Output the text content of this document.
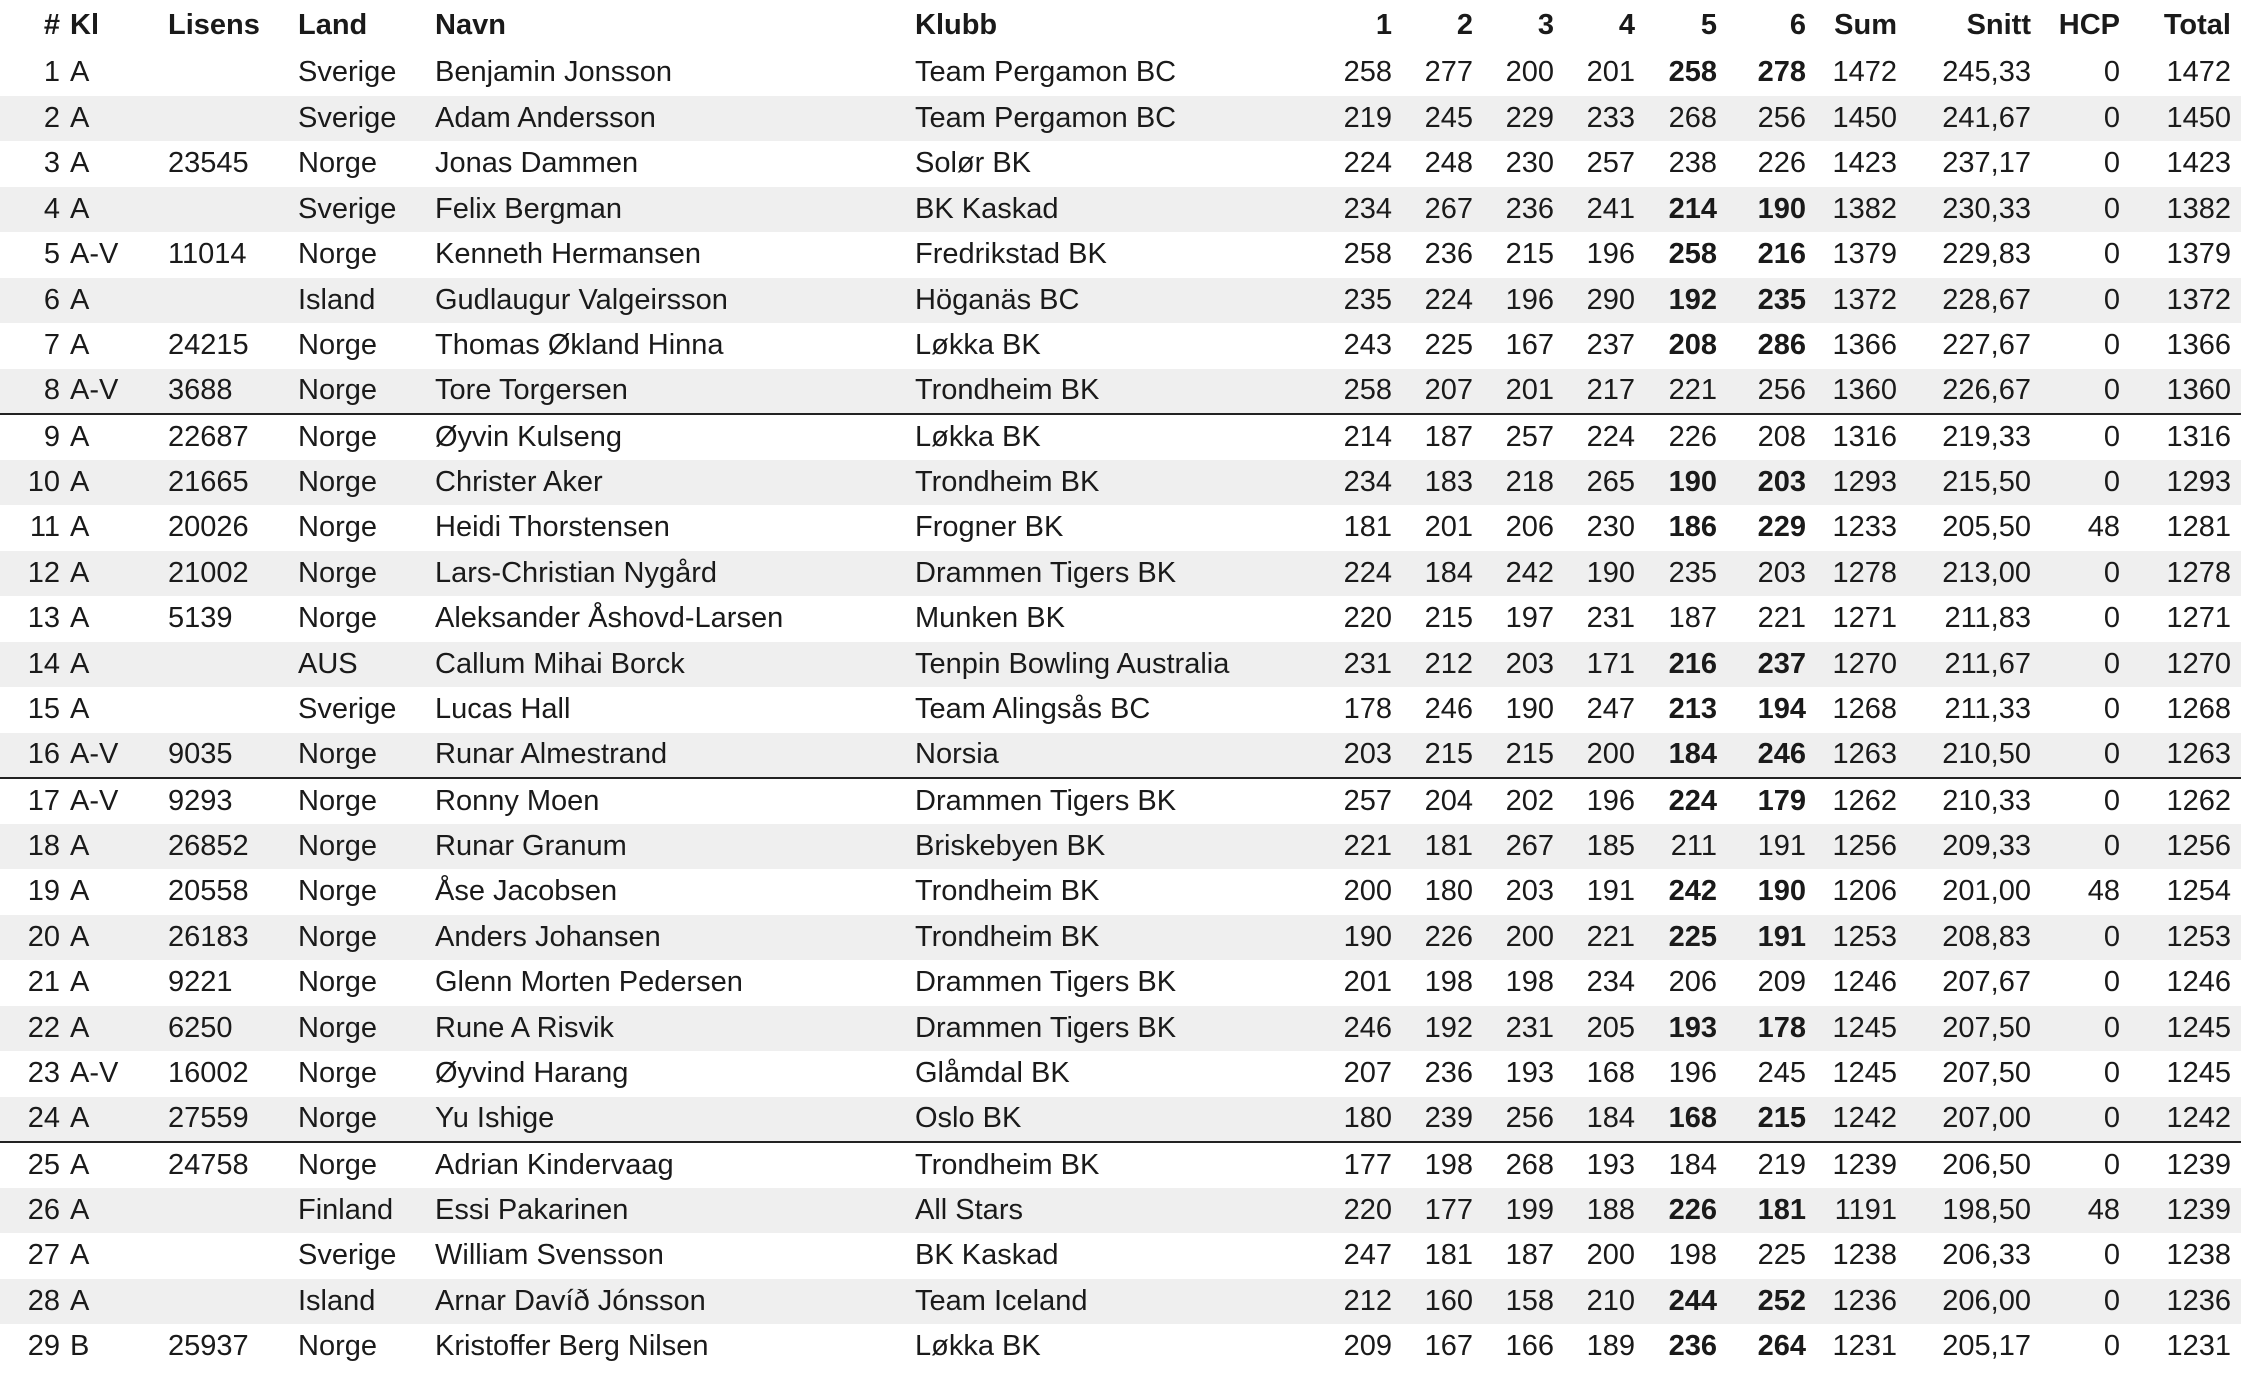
#	Kl	Lisens	Land	Navn	Klubb	1	2	3	4	5	6	Sum	Snitt	HCP	Total
1	A		Sverige	Benjamin Jonsson	Team Pergamon BC	258	277	200	201	258	278	1472	245,33	0	1472
2	A		Sverige	Adam Andersson	Team Pergamon BC	219	245	229	233	268	256	1450	241,67	0	1450
3	A	23545	Norge	Jonas Dammen	Solør BK	224	248	230	257	238	226	1423	237,17	0	1423
4	A		Sverige	Felix Bergman	BK Kaskad	234	267	236	241	214	190	1382	230,33	0	1382
5	A-V	11014	Norge	Kenneth Hermansen	Fredrikstad BK	258	236	215	196	258	216	1379	229,83	0	1379
6	A		Island	Gudlaugur Valgeirsson	Höganäs BC	235	224	196	290	192	235	1372	228,67	0	1372
7	A	24215	Norge	Thomas Økland Hinna	Løkka BK	243	225	167	237	208	286	1366	227,67	0	1366
8	A-V	3688	Norge	Tore Torgersen	Trondheim BK	258	207	201	217	221	256	1360	226,67	0	1360
9	A	22687	Norge	Øyvin Kulseng	Løkka BK	214	187	257	224	226	208	1316	219,33	0	1316
10	A	21665	Norge	Christer Aker	Trondheim BK	234	183	218	265	190	203	1293	215,50	0	1293
11	A	20026	Norge	Heidi Thorstensen	Frogner BK	181	201	206	230	186	229	1233	205,50	48	1281
12	A	21002	Norge	Lars-Christian Nygård	Drammen Tigers BK	224	184	242	190	235	203	1278	213,00	0	1278
13	A	5139	Norge	Aleksander Åshovd-Larsen	Munken BK	220	215	197	231	187	221	1271	211,83	0	1271
14	A		AUS	Callum Mihai Borck	Tenpin Bowling Australia	231	212	203	171	216	237	1270	211,67	0	1270
15	A		Sverige	Lucas Hall	Team Alingsås BC	178	246	190	247	213	194	1268	211,33	0	1268
16	A-V	9035	Norge	Runar Almestrand	Norsia	203	215	215	200	184	246	1263	210,50	0	1263
17	A-V	9293	Norge	Ronny Moen	Drammen Tigers BK	257	204	202	196	224	179	1262	210,33	0	1262
18	A	26852	Norge	Runar Granum	Briskebyen BK	221	181	267	185	211	191	1256	209,33	0	1256
19	A	20558	Norge	Åse Jacobsen	Trondheim BK	200	180	203	191	242	190	1206	201,00	48	1254
20	A	26183	Norge	Anders Johansen	Trondheim BK	190	226	200	221	225	191	1253	208,83	0	1253
21	A	9221	Norge	Glenn Morten Pedersen	Drammen Tigers BK	201	198	198	234	206	209	1246	207,67	0	1246
22	A	6250	Norge	Rune A Risvik	Drammen Tigers BK	246	192	231	205	193	178	1245	207,50	0	1245
23	A-V	16002	Norge	Øyvind Harang	Glåmdal BK	207	236	193	168	196	245	1245	207,50	0	1245
24	A	27559	Norge	Yu Ishige	Oslo BK	180	239	256	184	168	215	1242	207,00	0	1242
25	A	24758	Norge	Adrian Kindervaag	Trondheim BK	177	198	268	193	184	219	1239	206,50	0	1239
26	A		Finland	Essi Pakarinen	All Stars	220	177	199	188	226	181	1191	198,50	48	1239
27	A		Sverige	William Svensson	BK Kaskad	247	181	187	200	198	225	1238	206,33	0	1238
28	A		Island	Arnar Davíð Jónsson	Team Iceland	212	160	158	210	244	252	1236	206,00	0	1236
29	B	25937	Norge	Kristoffer Berg Nilsen	Løkka BK	209	167	166	189	236	264	1231	205,17	0	1231
